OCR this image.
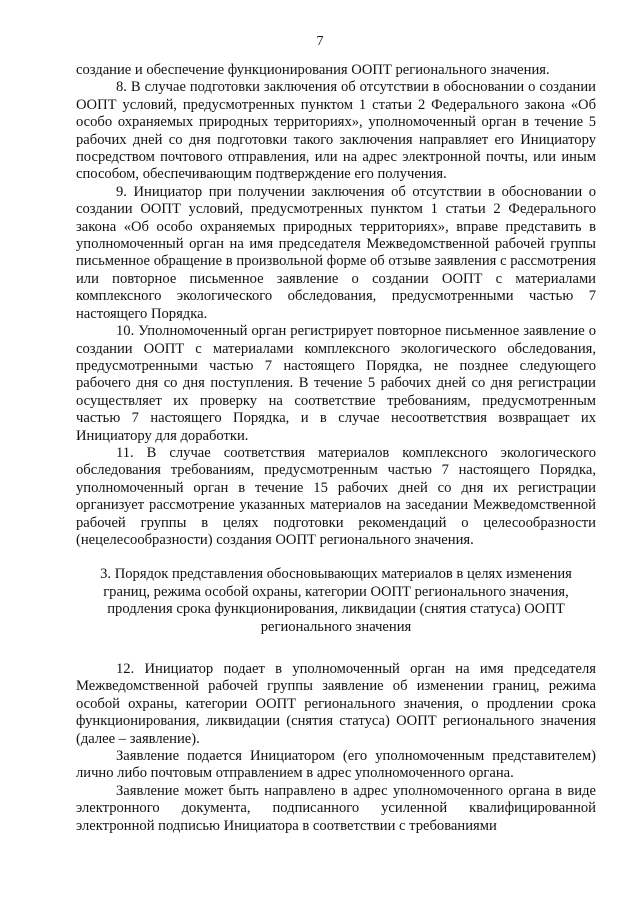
7

создание и обеспечение функционирования ООПТ регионального значения.

8. В случае подготовки заключения об отсутствии в обосновании о создании ООПТ условий, предусмотренных пунктом 1 статьи 2 Федерального закона «Об особо охраняемых природных территориях», уполномоченный орган в течение 5 рабочих дней со дня подготовки такого заключения направляет его Инициатору посредством почтового отправления, или на адрес электронной почты, или иным способом, обеспечивающим подтверждение его получения.

9. Инициатор при получении заключения об отсутствии в обосновании о создании ООПТ условий, предусмотренных пунктом 1 статьи 2 Федерального закона «Об особо охраняемых природных территориях», вправе представить в уполномоченный орган на имя председателя Межведомственной рабочей группы письменное обращение в произвольной форме об отзыве заявления с рассмотрения или повторное письменное заявление о создании ООПТ с материалами комплексного экологического обследования, предусмотренными частью 7 настоящего Порядка.

10. Уполномоченный орган регистрирует повторное письменное заявление о создании ООПТ с материалами комплексного экологического обследования, предусмотренными частью 7 настоящего Порядка, не позднее следующего рабочего дня со дня поступления. В течение 5 рабочих дней со дня регистрации осуществляет их проверку на соответствие требованиям, предусмотренным частью 7 настоящего Порядка, и в случае несоответствия возвращает их Инициатору для доработки.

11. В случае соответствия материалов комплексного экологического обследования требованиям, предусмотренным частью 7 настоящего Порядка, уполномоченный орган в течение 15 рабочих дней со дня их регистрации организует рассмотрение указанных материалов на заседании Межведомственной рабочей группы в целях подготовки рекомендаций о целесообразности (нецелесообразности) создания ООПТ регионального значения.

3. Порядок представления обосновывающих материалов в целях изменения границ, режима особой охраны, категории ООПТ регионального значения, продления срока функционирования, ликвидации (снятия статуса) ООПТ регионального значения

12. Инициатор подает в уполномоченный орган на имя председателя Межведомственной рабочей группы заявление об изменении границ, режима особой охраны, категории ООПТ регионального значения, о продлении срока функционирования, ликвидации (снятия статуса) ООПТ регионального значения (далее – заявление).

Заявление подается Инициатором (его уполномоченным представителем) лично либо почтовым отправлением в адрес уполномоченного органа.

Заявление может быть направлено в адрес уполномоченного органа в виде электронного документа, подписанного усиленной квалифицированной электронной подписью Инициатора в соответствии с требованиями
